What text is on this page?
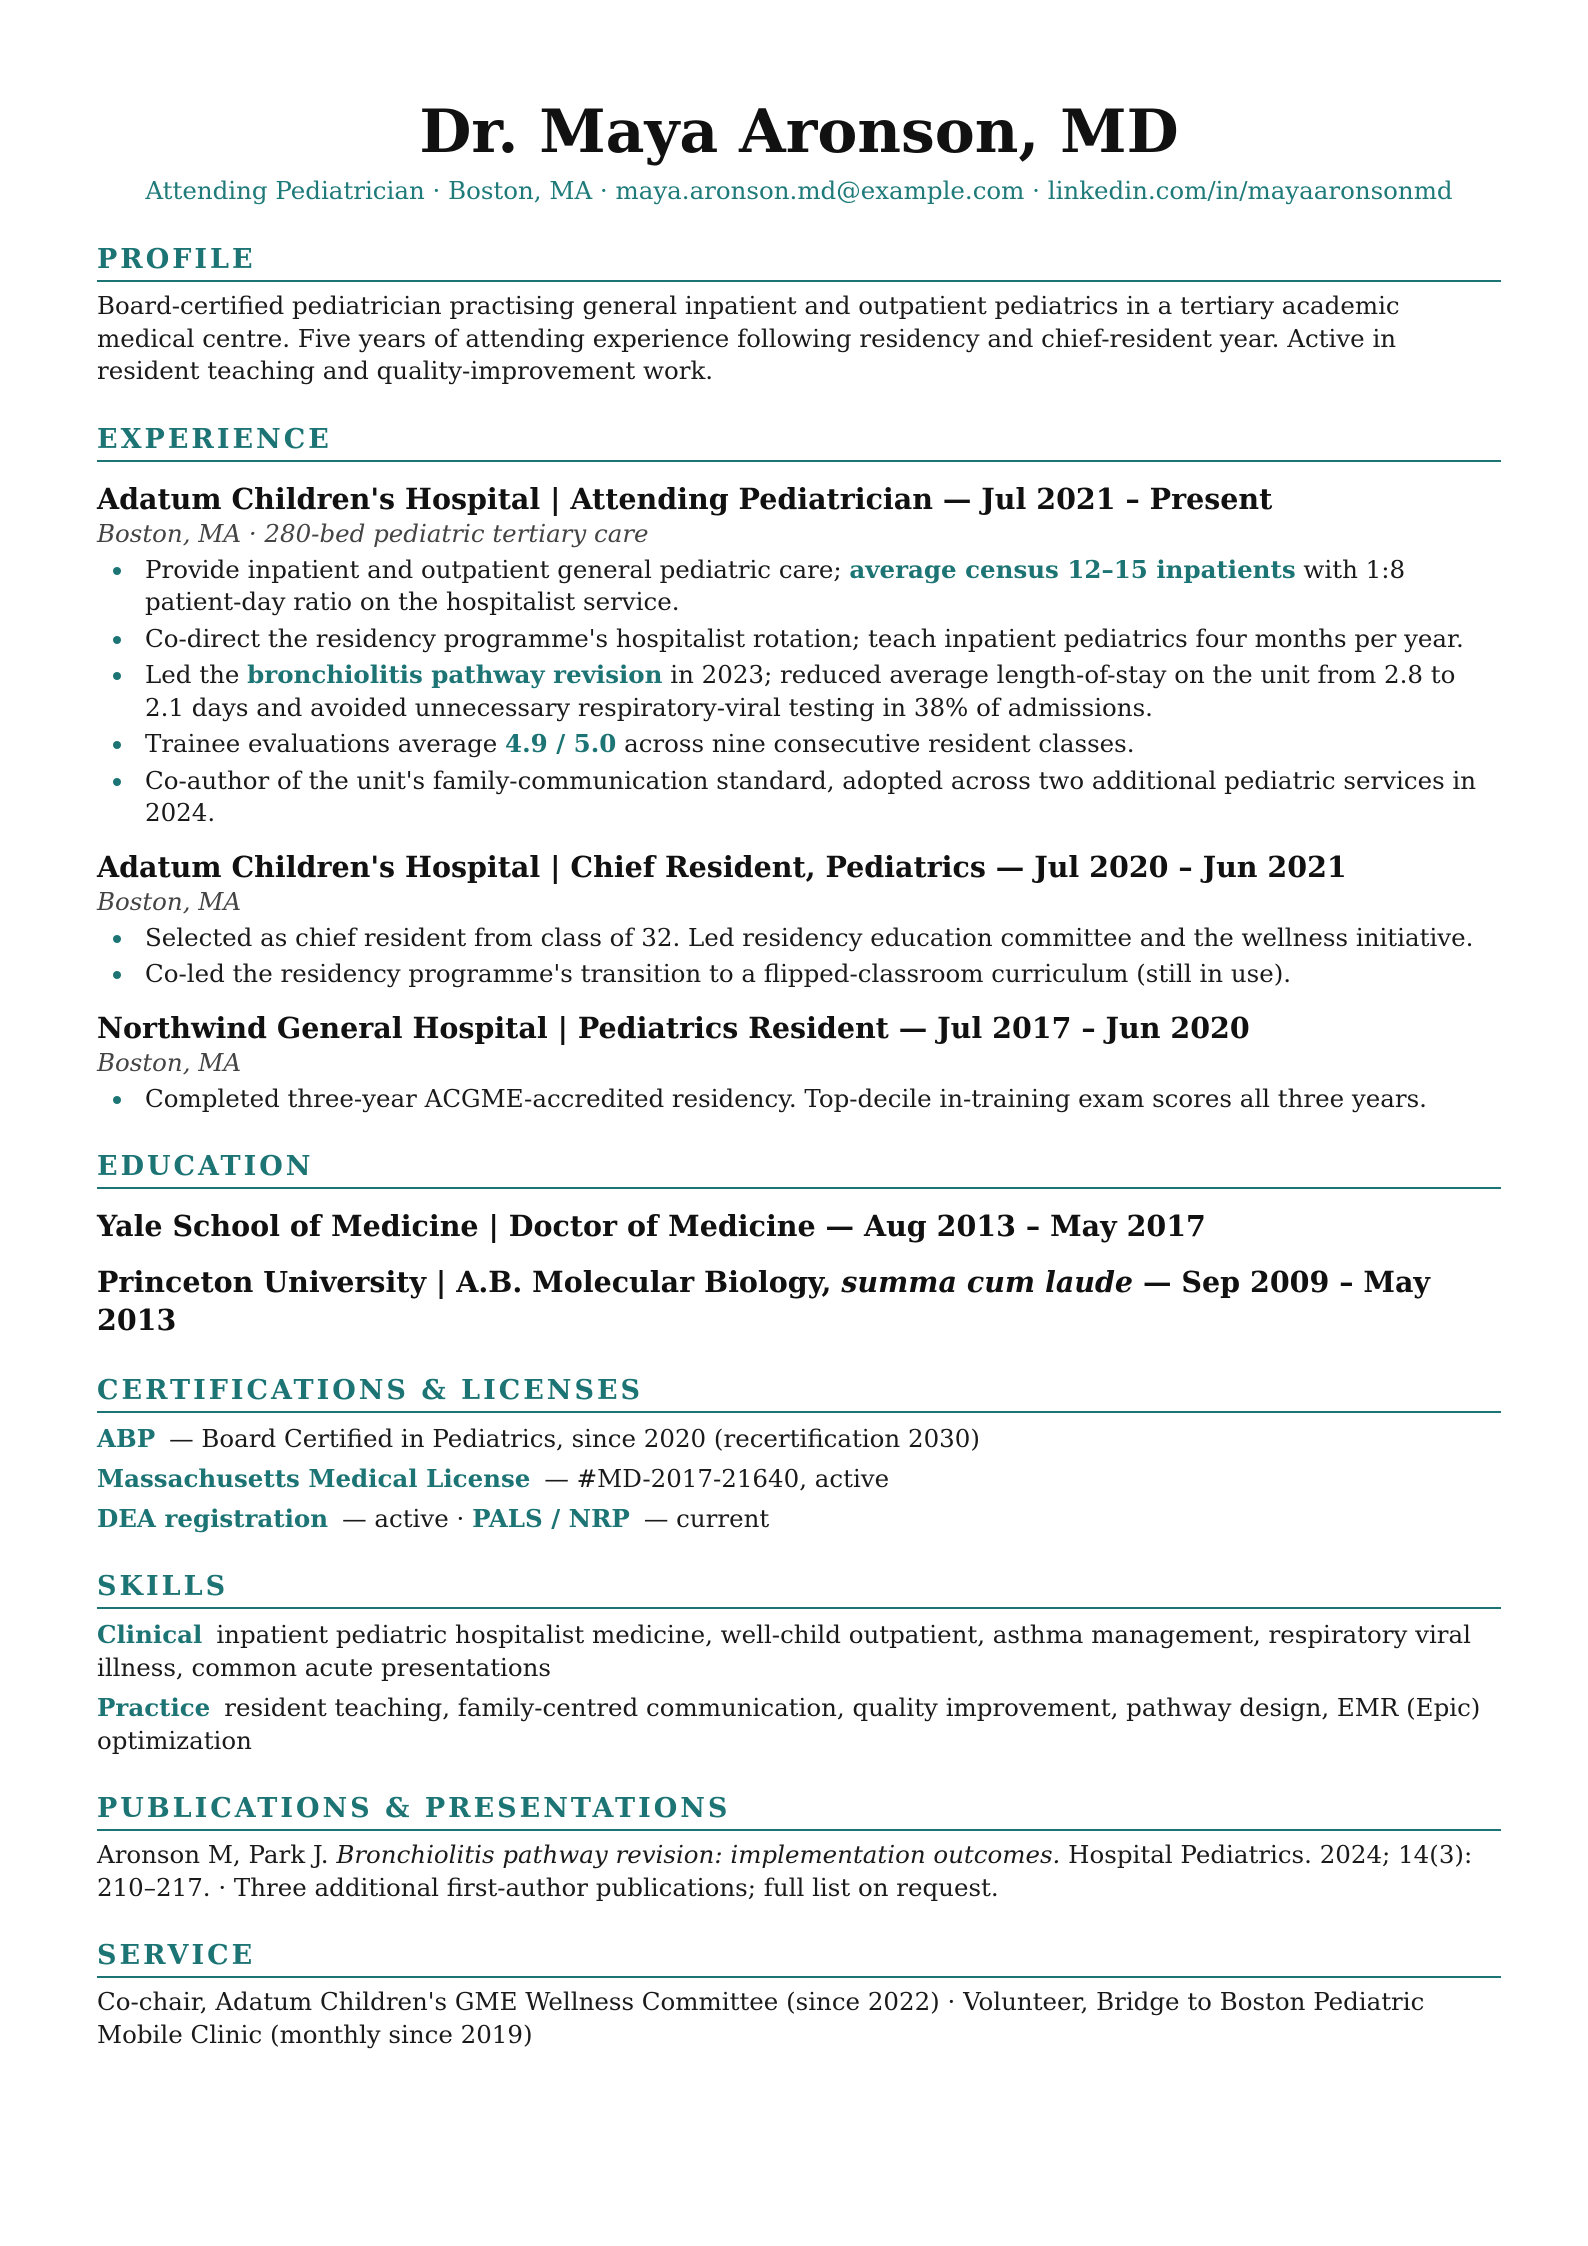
Dr. Maya Aronson, MD
Attending Pediatrician · Boston, MA · maya.aronson.md@example.com · linkedin.com/in/mayaaronsonmd
PROFILE
Board-certified pediatrician practising general inpatient and outpatient pediatrics in a tertiary academic medical centre. Five years of attending experience following residency and chief-resident year. Active in resident teaching and quality-improvement work.
EXPERIENCE
Adatum Children's Hospital | Attending Pediatrician — Jul 2021 – Present
Boston, MA · 280-bed pediatric tertiary care
Provide inpatient and outpatient general pediatric care; average census 12–15 inpatients with 1:8 patient-day ratio on the hospitalist service.
Co-direct the residency programme's hospitalist rotation; teach inpatient pediatrics four months per year.
Led the bronchiolitis pathway revision in 2023; reduced average length-of-stay on the unit from 2.8 to 2.1 days and avoided unnecessary respiratory-viral testing in 38% of admissions.
Trainee evaluations average 4.9 / 5.0 across nine consecutive resident classes.
Co-author of the unit's family-communication standard, adopted across two additional pediatric services in 2024.
Adatum Children's Hospital | Chief Resident, Pediatrics — Jul 2020 – Jun 2021
Boston, MA
Selected as chief resident from class of 32. Led residency education committee and the wellness initiative.
Co-led the residency programme's transition to a flipped-classroom curriculum (still in use).
Northwind General Hospital | Pediatrics Resident — Jul 2017 – Jun 2020
Boston, MA
Completed three-year ACGME-accredited residency. Top-decile in-training exam scores all three years.
EDUCATION
Yale School of Medicine | Doctor of Medicine — Aug 2013 – May 2017
Princeton University | A.B. Molecular Biology, summa cum laude — Sep 2009 – May 2013
CERTIFICATIONS & LICENSES
ABP — Board Certified in Pediatrics, since 2020 (recertification 2030)
Massachusetts Medical License — #MD-2017-21640, active
DEA registration — active · PALS / NRP — current
SKILLS
Clinical inpatient pediatric hospitalist medicine, well-child outpatient, asthma management, respiratory viral illness, common acute presentations
Practice resident teaching, family-centred communication, quality improvement, pathway design, EMR (Epic) optimization
PUBLICATIONS & PRESENTATIONS
Aronson M, Park J. Bronchiolitis pathway revision: implementation outcomes. Hospital Pediatrics. 2024; 14(3): 210–217. · Three additional first-author publications; full list on request.
SERVICE
Co-chair, Adatum Children's GME Wellness Committee (since 2022) · Volunteer, Bridge to Boston Pediatric Mobile Clinic (monthly since 2019)
